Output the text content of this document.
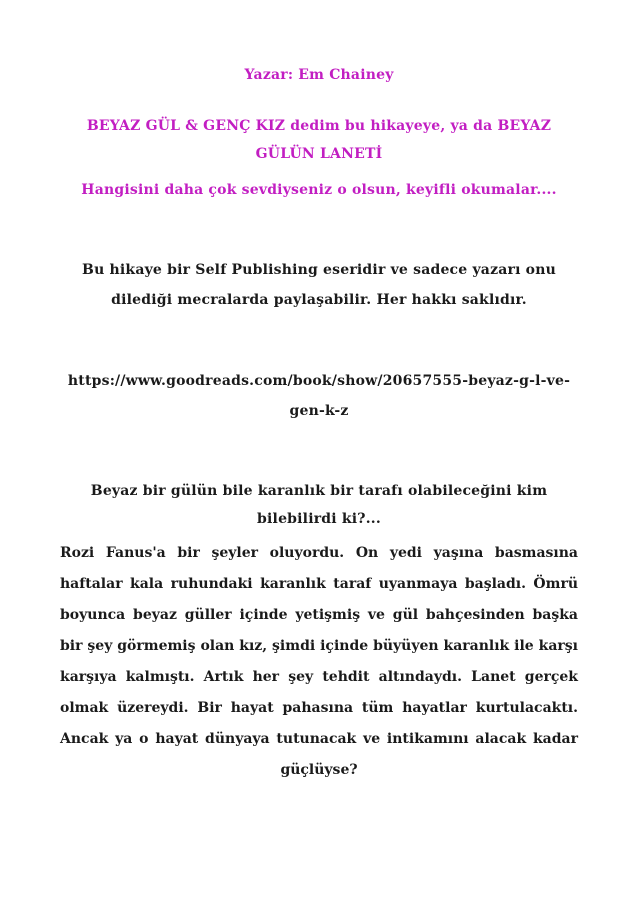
Yazar: Em Chainey
BEYAZ GÜL & GENÇ KIZ dedim bu hikayeye, ya da BEYAZ
GÜLÜN LANETİ
Hangisini daha çok sevdiyseniz o olsun, keyifli okumalar....
Bu hikaye bir Self Publishing eseridir ve sadece yazarı onu
dilediği mecralarda paylaşabilir. Her hakkı saklıdır.
https://www.goodreads.com/book/show/20657555-beyaz-g-l-ve-
gen-k-z
Beyaz bir gülün bile karanlık bir tarafı olabileceğini kim
bilebilirdi ki?...
Rozi Fanus'a bir şeyler oluyordu. On yedi yaşına basmasına
haftalar kala ruhundaki karanlık taraf uyanmaya başladı. Ömrü
boyunca beyaz güller içinde yetişmiş ve gül bahçesinden başka
bir şey görmemiş olan kız, şimdi içinde büyüyen karanlık ile karşı
karşıya kalmıştı. Artık her şey tehdit altındaydı. Lanet gerçek
olmak üzereydi. Bir hayat pahasına tüm hayatlar kurtulacaktı.
Ancak ya o hayat dünyaya tutunacak ve intikamını alacak kadar
güçlüyse?
